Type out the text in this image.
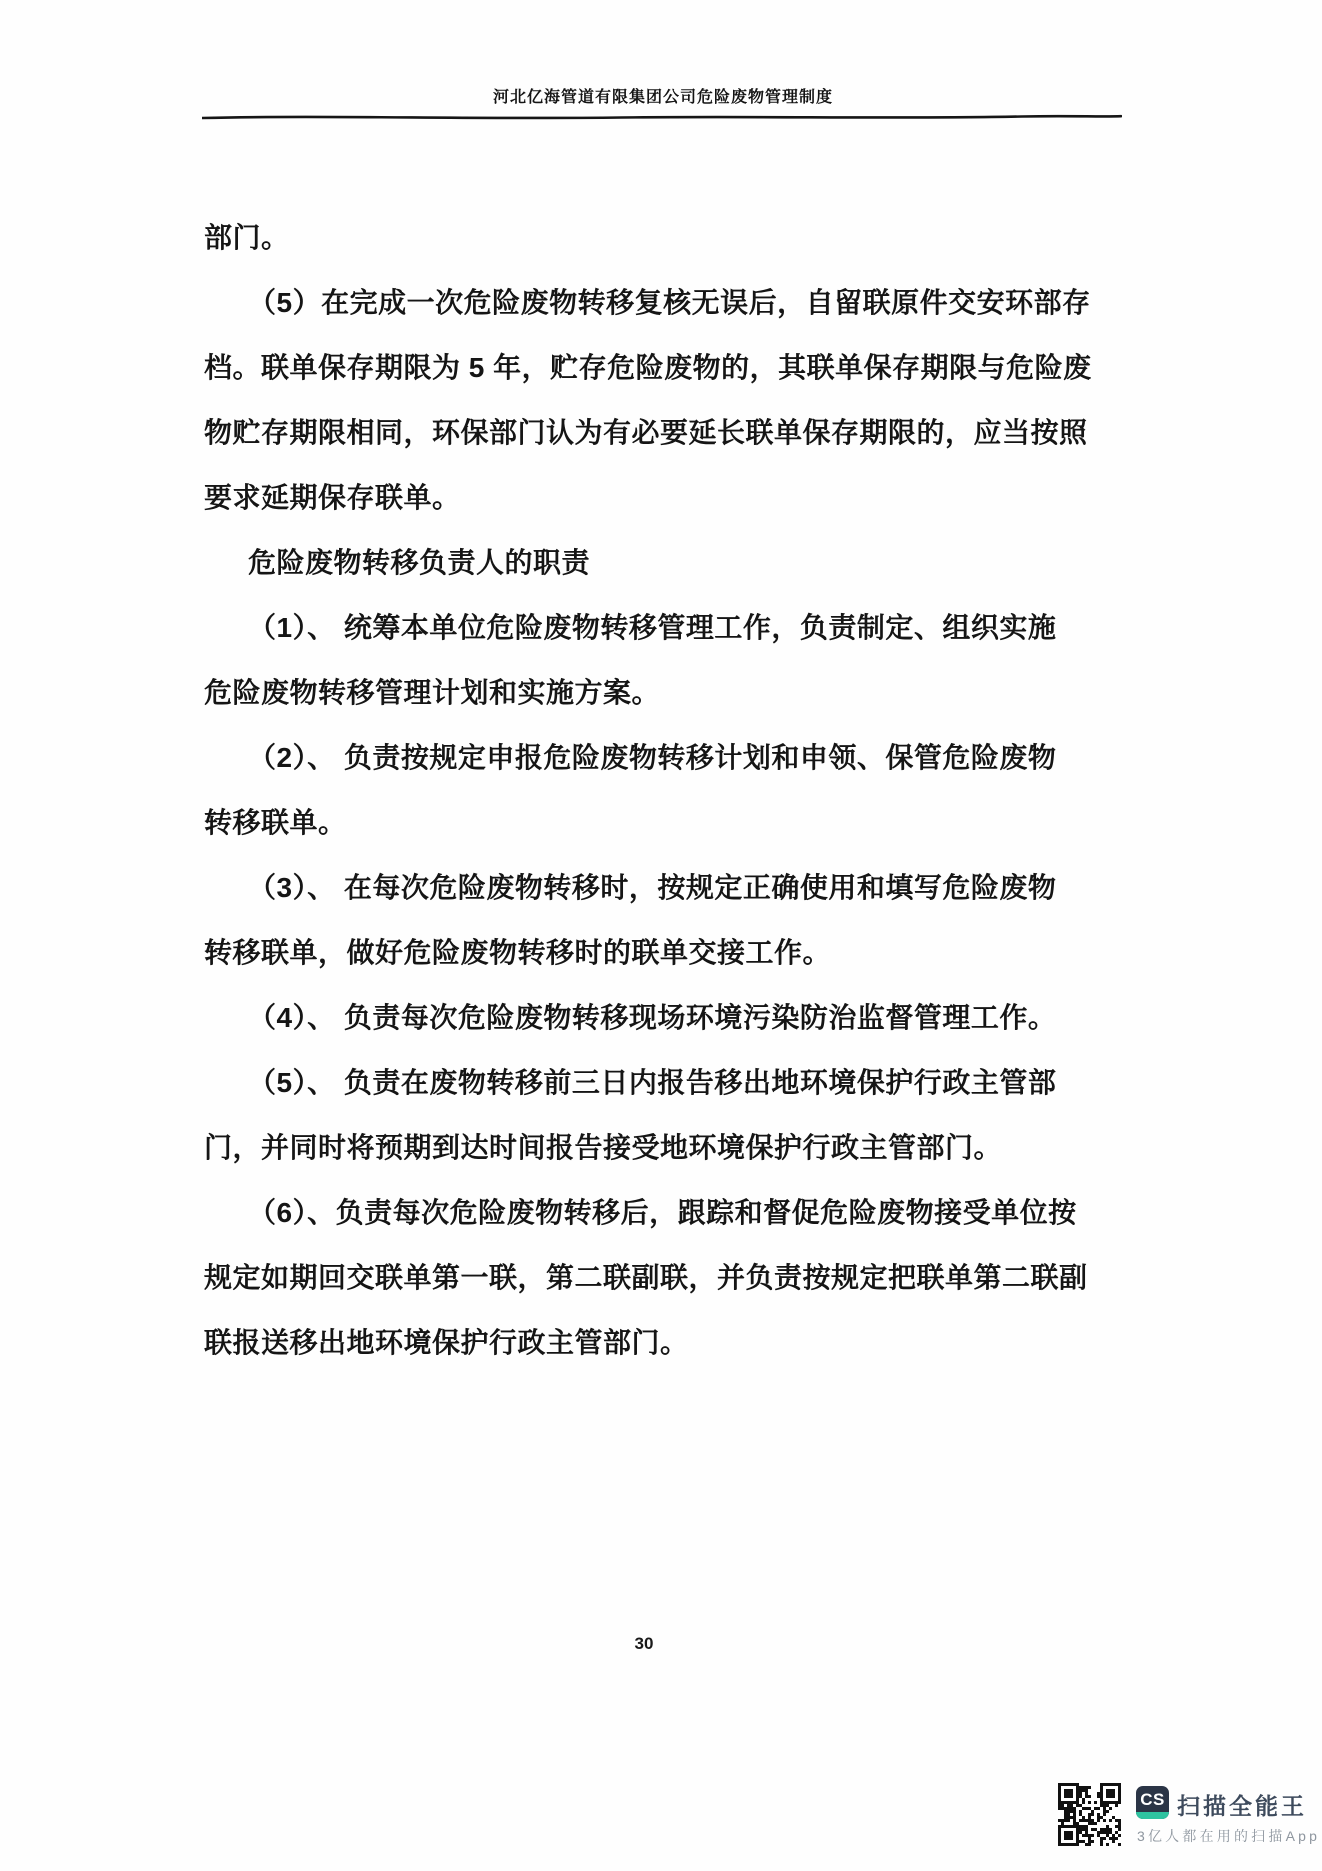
河北亿海管道有限集团公司危险废物管理制度
部门。
（5）在完成一次危险废物转移复核无误后，自留联原件交安环部存
档。联单保存期限为 5 年，贮存危险废物的，其联单保存期限与危险废
物贮存期限相同，环保部门认为有必要延长联单保存期限的，应当按照
要求延期保存联单。
危险废物转移负责人的职责
（1）、 统筹本单位危险废物转移管理工作，负责制定、组织实施
危险废物转移管理计划和实施方案。
（2）、 负责按规定申报危险废物转移计划和申领、保管危险废物
转移联单。
（3）、 在每次危险废物转移时，按规定正确使用和填写危险废物
转移联单，做好危险废物转移时的联单交接工作。
（4）、 负责每次危险废物转移现场环境污染防治监督管理工作。
（5）、 负责在废物转移前三日内报告移出地环境保护行政主管部
门，并同时将预期到达时间报告接受地环境保护行政主管部门。
（6）、负责每次危险废物转移后，跟踪和督促危险废物接受单位按
规定如期回交联单第一联，第二联副联，并负责按规定把联单第二联副
联报送移出地环境保护行政主管部门。
30
CS 扫描全能王
3亿人都在用的扫描App
